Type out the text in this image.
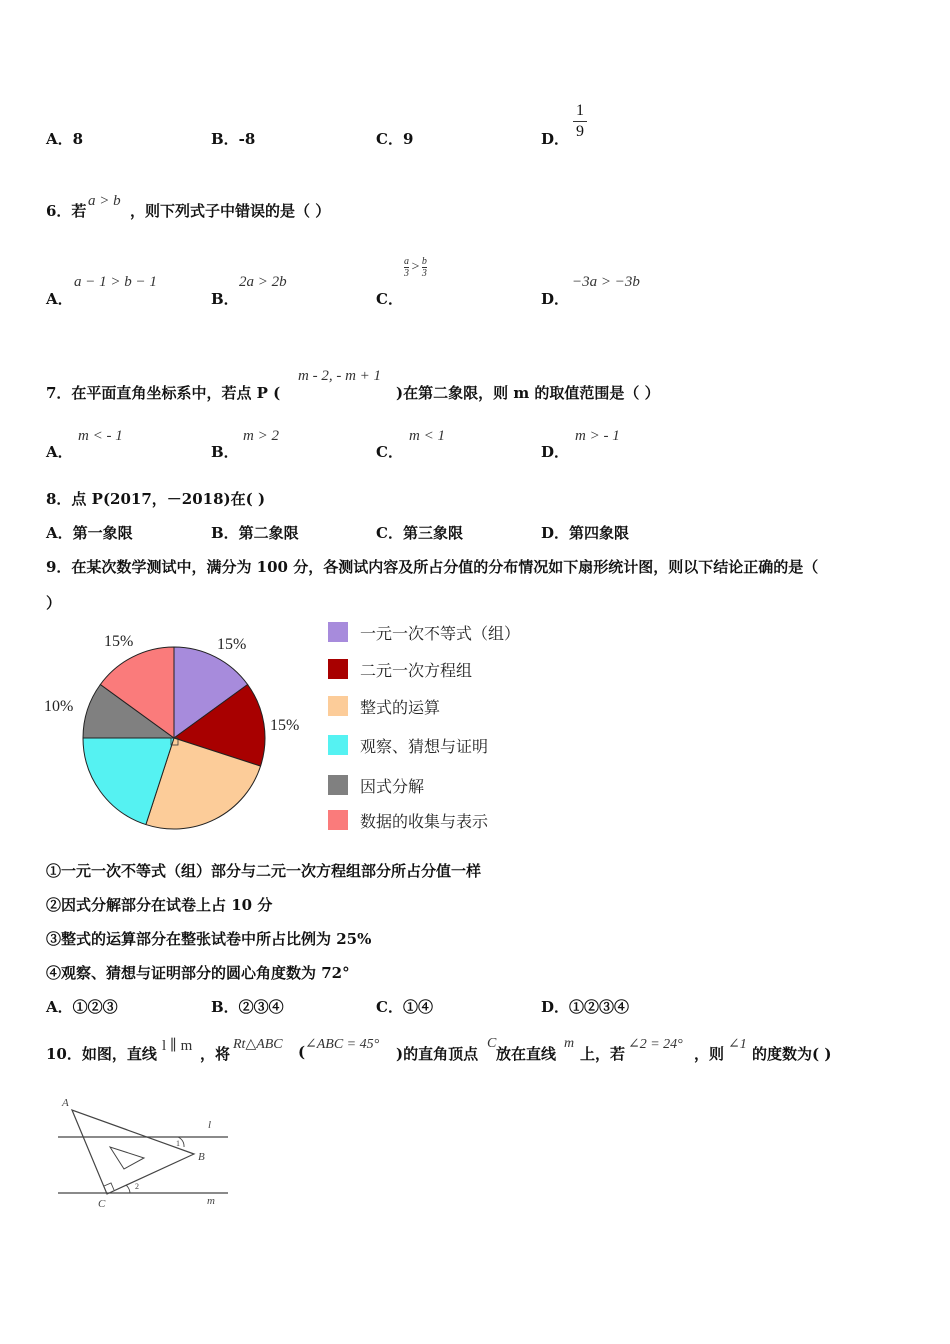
A．8	B．-8	C．9	D．
1
9
6．若
a > b
，则下列式子中错误的是（ ）
A．
a − 1 > b − 1
B．
2a > 2b
C．
$\frac{a}{3} > \frac{b}{3}$
D．
−3a > −3b
7．在平面直角坐标系中，若点 P (
m - 2, - m + 1
)在第二象限，则 m 的取值范围是（ ）
A．
m < - 1
B．
m > 2
C．
m < 1
D．
m > - 1
8．点 P(2017，－2018)在( )
A．第一象限	B．第二象限	C．第三象限	D．第四象限
9．在某次数学测试中，满分为 100 分，各测试内容及所占分值的分布情况如下扇形统计图，则以下结论正确的是（
）
15%
15%
10%
15%	一元一次不等式（组）
二元一次方程组
整式的运算
观察、猜想与证明
因式分解
数据的收集与表示
①一元一次不等式（组）部分与二元一次方程组部分所占分值一样
②因式分解部分在试卷上占 10 分
③整式的运算部分在整张试卷中所占比例为 25%
④观察、猜想与证明部分的圆心角度数为 72°
A．①②③	B．②③④	C．①④	D．①②③④
10．如图，直线 l ∥ m ，将
Rt△ABC ( ∠ABC = 45°
)的直角顶点
C
放在直线
m
上，若
∠2 = 24°
，则
∠1
的度数为( )
A
B
C
l
m
1
2
